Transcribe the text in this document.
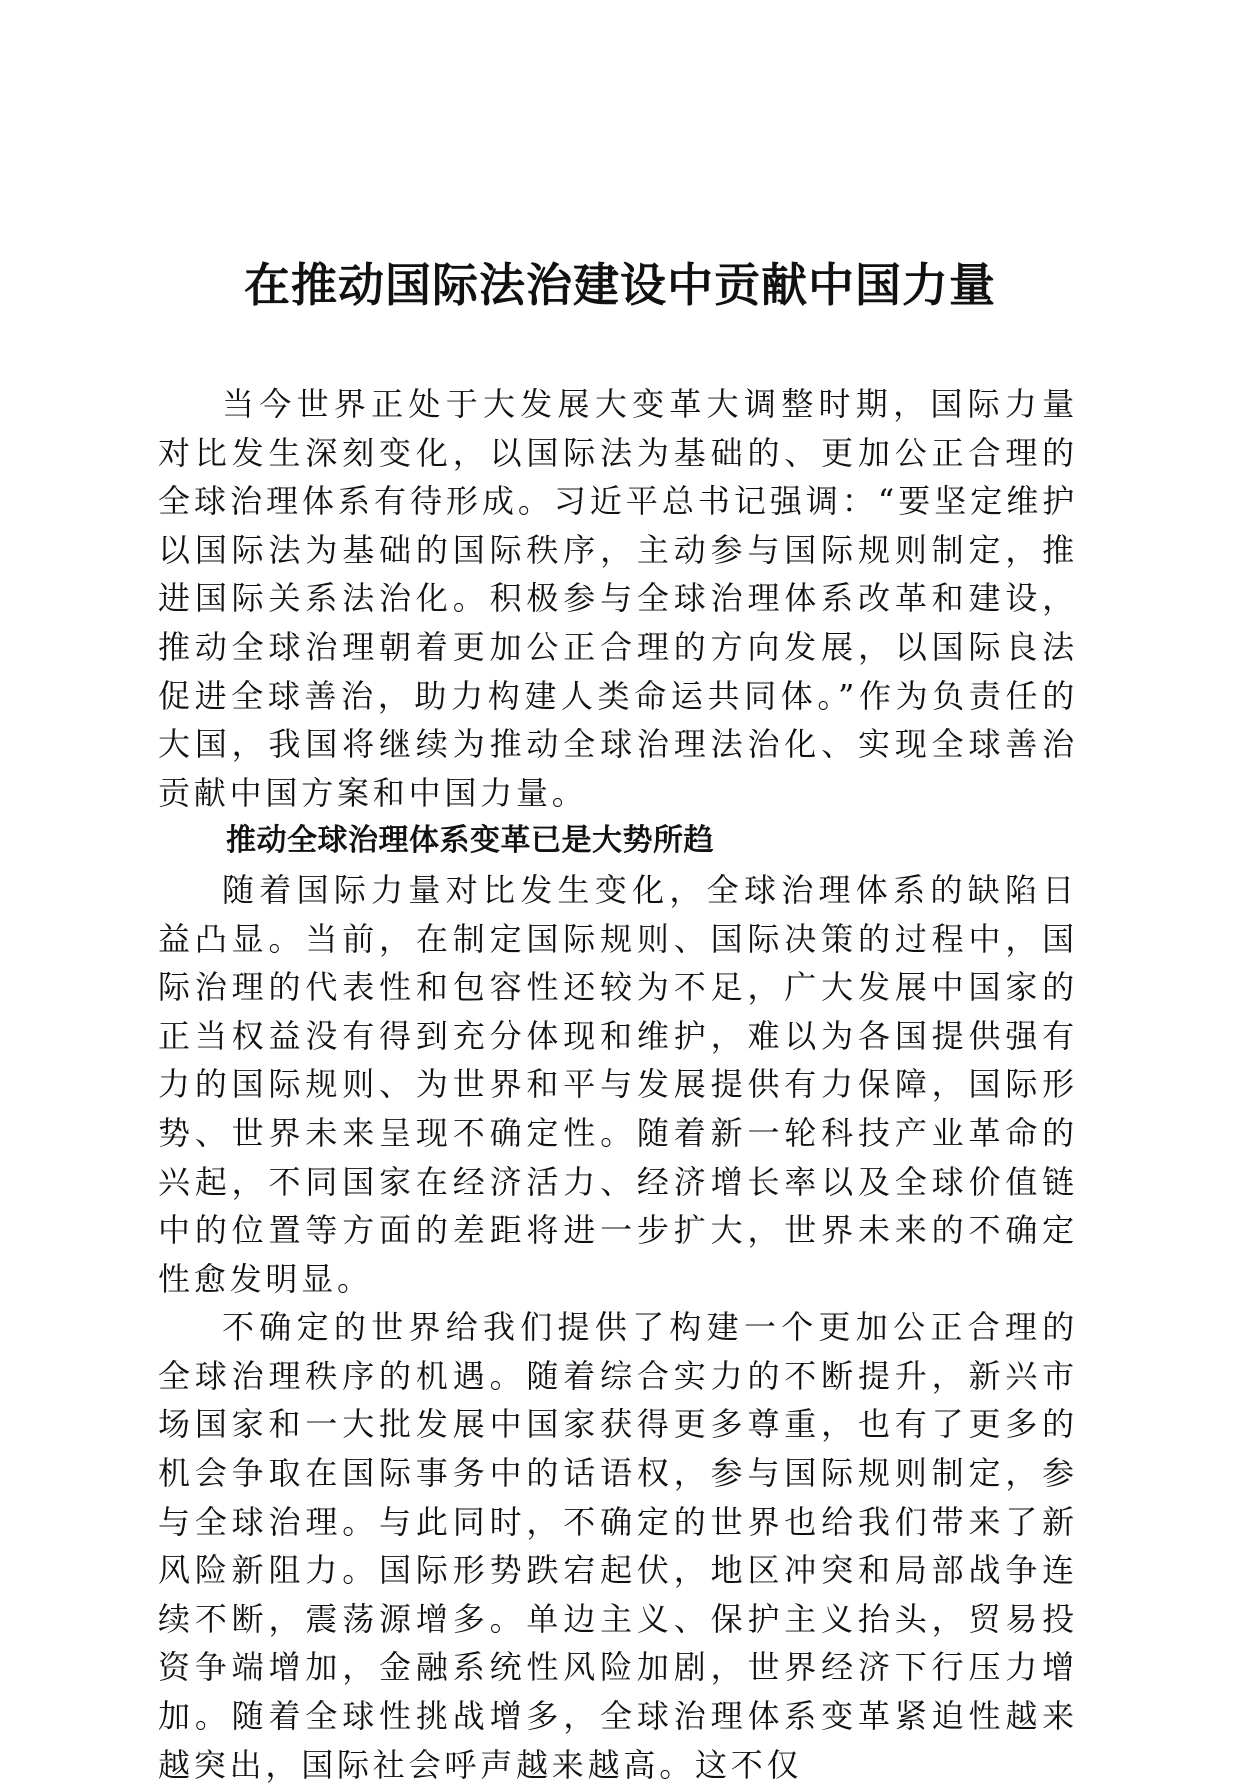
在推动国际法治建设中贡献中国力量

当今世界正处于大发展大变革大调整时期，国际力量对比发生深刻变化，以国际法为基础的、更加公正合理的全球治理体系有待形成。习近平总书记强调：“要坚定维护以国际法为基础的国际秩序，主动参与国际规则制定，推进国际关系法治化。积极参与全球治理体系改革和建设，推动全球治理朝着更加公正合理的方向发展，以国际良法促进全球善治，助力构建人类命运共同体。”作为负责任的大国，我国将继续为推动全球治理法治化、实现全球善治贡献中国方案和中国力量。

推动全球治理体系变革已是大势所趋

随着国际力量对比发生变化，全球治理体系的缺陷日益凸显。当前，在制定国际规则、国际决策的过程中，国际治理的代表性和包容性还较为不足，广大发展中国家的正当权益没有得到充分体现和维护，难以为各国提供强有力的国际规则、为世界和平与发展提供有力保障，国际形势、世界未来呈现不确定性。随着新一轮科技产业革命的兴起，不同国家在经济活力、经济增长率以及全球价值链中的位置等方面的差距将进一步扩大，世界未来的不确定性愈发明显。

不确定的世界给我们提供了构建一个更加公正合理的全球治理秩序的机遇。随着综合实力的不断提升，新兴市场国家和一大批发展中国家获得更多尊重，也有了更多的机会争取在国际事务中的话语权，参与国际规则制定，参与全球治理。与此同时，不确定的世界也给我们带来了新风险新阻力。国际形势跌宕起伏，地区冲突和局部战争连续不断，震荡源增多。单边主义、保护主义抬头，贸易投资争端增加，金融系统性风险加剧，世界经济下行压力增加。随着全球性挑战增多，全球治理体系变革紧迫性越来越突出，国际社会呼声越来越高。这不仅
